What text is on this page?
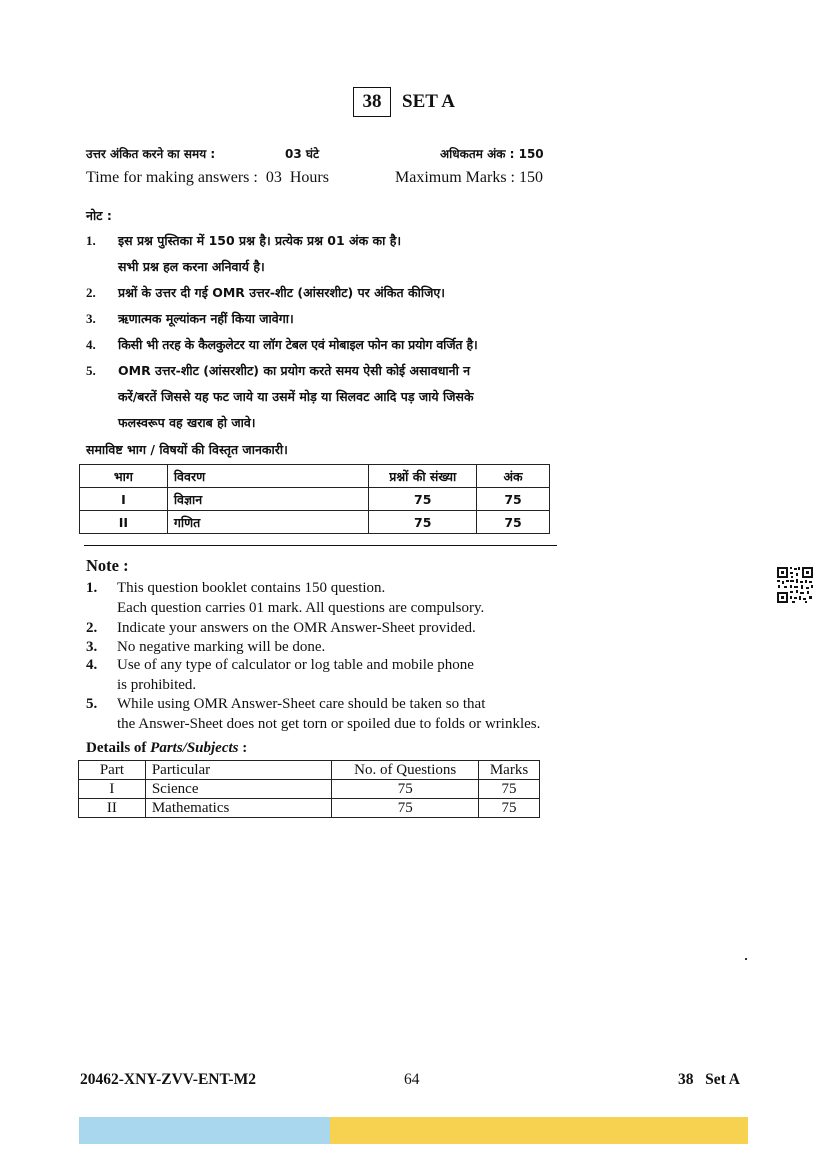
38 SET A
उत्तर अंकित करने का समय :	03 घंटे	अधिकतम अंक : 150
Time for making answers :  03  Hours	Maximum Marks : 150
नोट :
1. इस प्रश्न पुस्तिका में 150 प्रश्न है। प्रत्येक प्रश्न 01 अंक का है।
सभी प्रश्न हल करना अनिवार्य है।
2. प्रश्नों के उत्तर दी गई OMR उत्तर-शीट (आंसरशीट) पर अंकित कीजिए।
3. ऋणात्मक मूल्यांकन नहीं किया जावेगा।
4. किसी भी तरह के कैलकुलेटर या लॉग टेबल एवं मोबाइल फोन का प्रयोग वर्जित है।
5. OMR उत्तर-शीट (आंसरशीट) का प्रयोग करते समय ऐसी कोई असावधानी न
करें/बरतें जिससे यह फट जाये या उसमें मोड़ या सिलवट आदि पड़ जाये जिसके
फलस्वरूप वह खराब हो जावे।
समाविष्ट भाग / विषयों की विस्तृत जानकारी।
भाग	विवरण	प्रश्नों की संख्या	अंक
I	विज्ञान	75	75
II	गणित	75	75
Note :
1. This question booklet contains 150 question.
Each question carries 01 mark. All questions are compulsory.
2. Indicate your answers on the OMR Answer-Sheet provided.
3. No negative marking will be done.
4. Use of any type of calculator or log table and mobile phone
is prohibited.
5. While using OMR Answer-Sheet care should be taken so that
the Answer-Sheet does not get torn or spoiled due to folds or wrinkles.
Details of Parts/Subjects :
Part	Particular	No. of Questions	Marks
I	Science	75	75
II	Mathematics	75	75
20462-XNY-ZVV-ENT-M2	64	38   Set A
